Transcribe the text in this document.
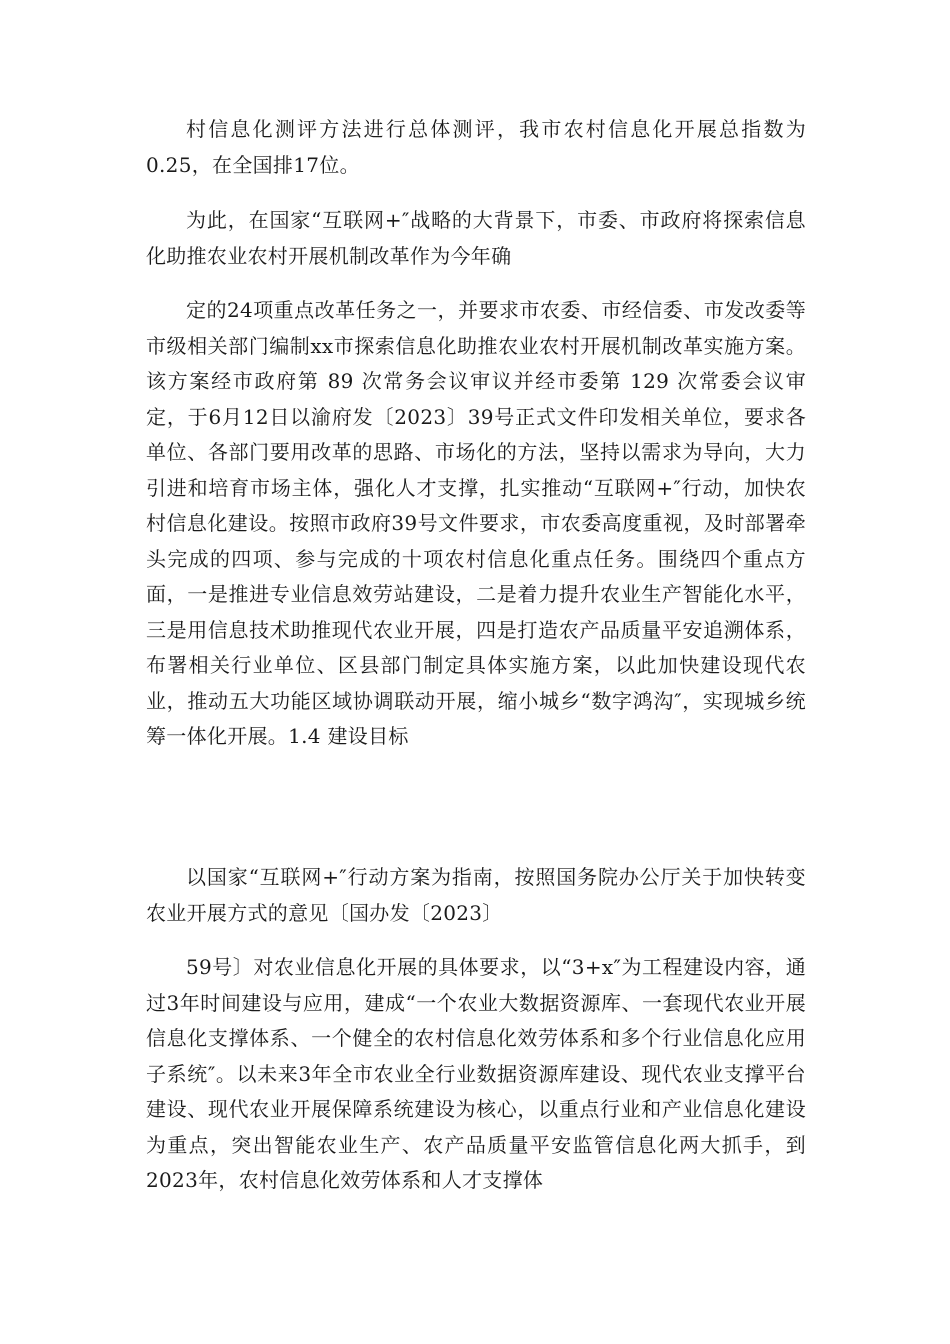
村信息化测评方法进行总体测评，我市农村信息化开展总指数为0.25，在全国排17位。

为此，在国家“互联网+″战略的大背景下，市委、市政府将探索信息化助推农业农村开展机制改革作为今年确

定的24项重点改革任务之一，并要求市农委、市经信委、市发改委等市级相关部门编制xx市探索信息化助推农业农村开展机制改革实施方案。该方案经市政府第 89 次常务会议审议并经市委第 129 次常委会议审定，于6月12日以渝府发〔2023〕39号正式文件印发相关单位，要求各单位、各部门要用改革的思路、市场化的方法，坚持以需求为导向，大力引进和培育市场主体，强化人才支撑，扎实推动“互联网+″行动，加快农村信息化建设。按照市政府39号文件要求，市农委高度重视，及时部署牵头完成的四项、参与完成的十项农村信息化重点任务。围绕四个重点方面，一是推进专业信息效劳站建设，二是着力提升农业生产智能化水平，三是用信息技术助推现代农业开展，四是打造农产品质量平安追溯体系，布署相关行业单位、区县部门制定具体实施方案，以此加快建设现代农业，推动五大功能区域协调联动开展，缩小城乡“数字鸿沟″，实现城乡统筹一体化开展。1.4 建设目标

以国家“互联网+″行动方案为指南，按照国务院办公厅关于加快转变农业开展方式的意见〔国办发〔2023〕

59号〕对农业信息化开展的具体要求，以“3+x″为工程建设内容，通过3年时间建设与应用，建成“一个农业大数据资源库、一套现代农业开展信息化支撑体系、一个健全的农村信息化效劳体系和多个行业信息化应用子系统″。以未来3年全市农业全行业数据资源库建设、现代农业支撑平台建设、现代农业开展保障系统建设为核心，以重点行业和产业信息化建设为重点，突出智能农业生产、农产品质量平安监管信息化两大抓手，到2023年，农村信息化效劳体系和人才支撑体
